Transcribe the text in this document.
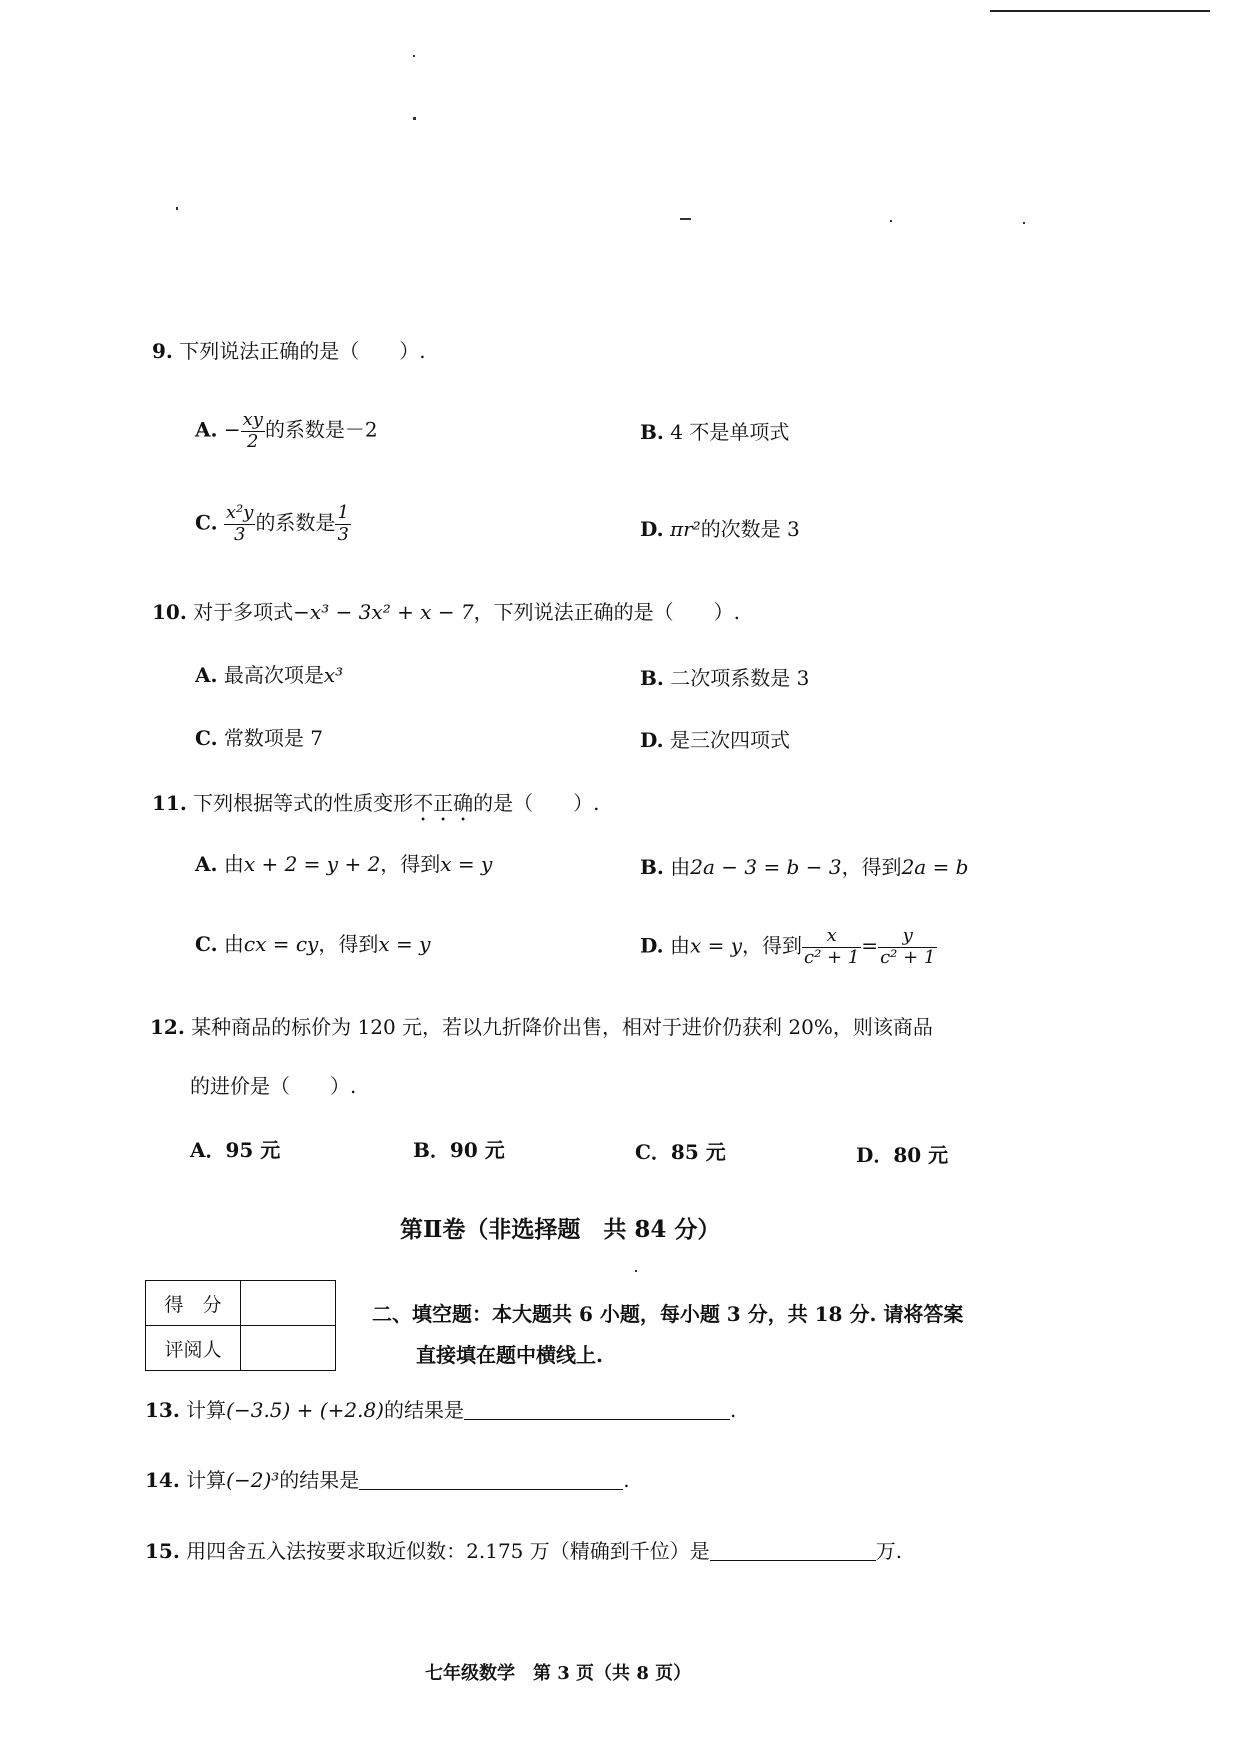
9. 下列说法正确的是（　　）.
A. − $\frac{xy}{2}$ 的系数是－2	B. 4 不是单项式
C. $\frac{\text{x²y}}{3}$ 的系数是 $\frac{1}{3}$	D. πr²的次数是 3
10. 对于多项式−x³ − 3x² + x − 7，下列说法正确的是（　　）.
A. 最高次项是x³	B. 二次项系数是 3
C. 常数项是 7	D. 是三次四项式
11. 下列根据等式的性质变形不正确的是（　　）.
A. 由x + 2 = y + 2，得到x = y	B. 由2a − 3 = b − 3，得到2a = b
C. 由cx = cy，得到x = y	D. 由x = y，得到 $\frac{x}{\text{c² + 1}} = \frac{y}{\text{c² + 1}}$
12. 某种商品的标价为 120 元，若以九折降价出售，相对于进价仍获利 20%，则该商品
的进价是（　　）.
A．95 元	B．90 元	C．85 元	D．80 元
第Ⅱ卷（非选择题　共 84 分）
得　分	
评阅人	
二、填空题：本大题共 6 小题，每小题 3 分，共 18 分. 请将答案
直接填在题中横线上.
13. 计算(−3.5) + (+2.8)的结果是	.
14. 计算(−2)³的结果是	.
15. 用四舍五入法按要求取近似数：2.175 万（精确到千位）是	万.
七年级数学　第 3 页（共 8 页）
